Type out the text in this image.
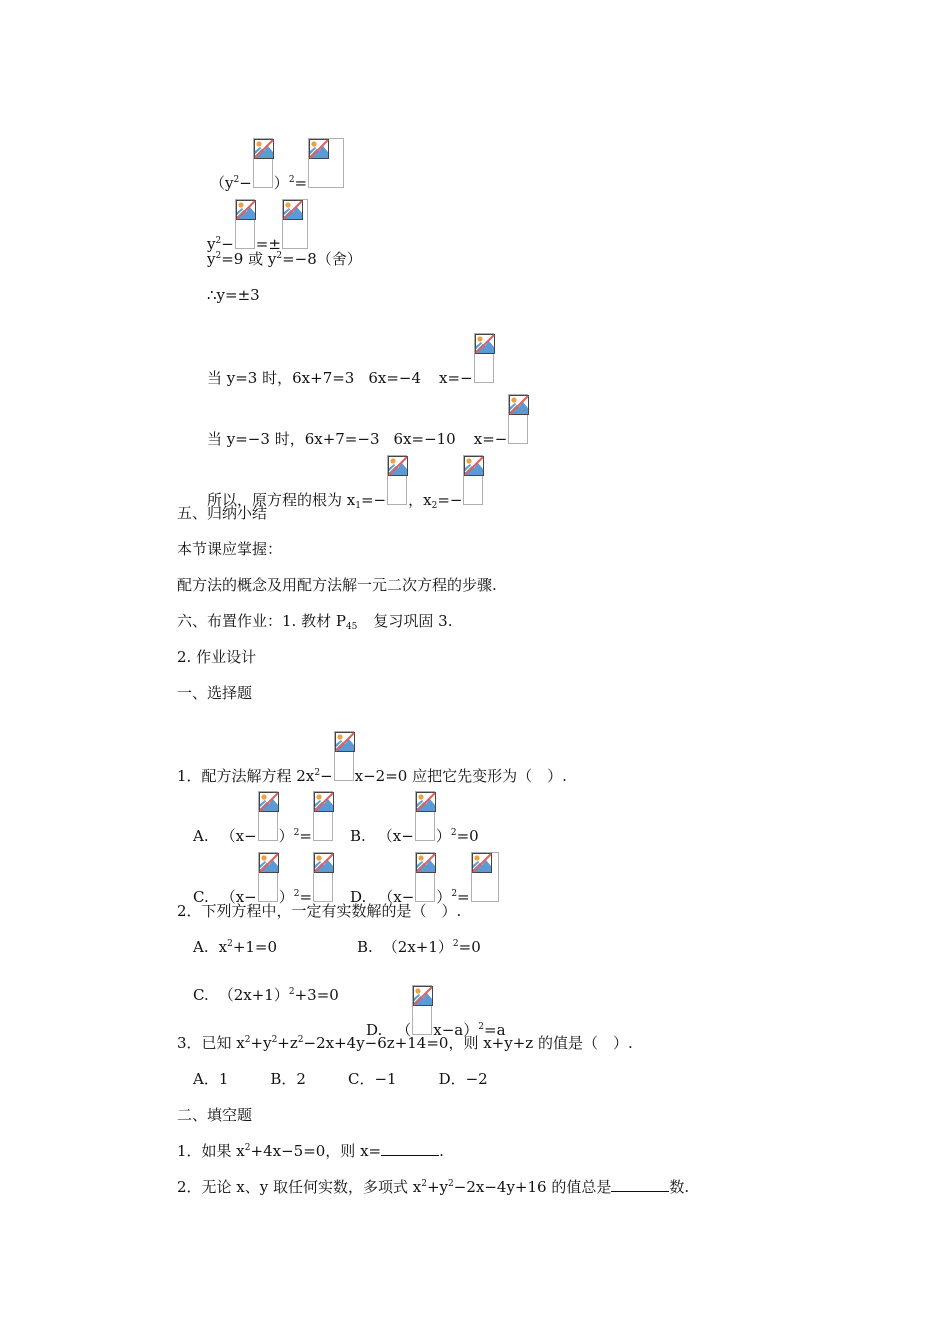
$(y^2- )^2=$
$y^2-$ =±
$y^2=9$ 或 $y^2=-8$（舍）
∴y=±3
当 y=3 时，6x+7=3 6x=−4 x=−
当 y=−3 时，6x+7=−3 6x=−10 x=−
所以，原方程的根为 $x_1=-$ ，$x_2=-$
五、归纳小结
本节课应掌握：
配方法的概念及用配方法解一元二次方程的步骤.
六、布置作业：1. 教材 $P_{45}$ 复习巩固 3.
2. 作业设计
一、选择题
1．配方法解方程 $2x^2- x-2=0$ 应把它先变形为（　）.
A. $(x- )^2=$	B. $(x- )^2=0$
C. $(x- )^2=$	D. $(x- )^2=$
2．下列方程中，一定有实数解的是（　）.
A. $x^2+1=0$	B. $(2x+1)^2=0$
C. $(2x+1)^2+3=0$
D. （ x−a）$^2$=a
3．已知 $x^2+y^2+z^2-2x+4y-6z+14=0$，则 x+y+z 的值是（　）.
A．1	B．2	C．−1	D．−2
二、填空题
1．如果 $x^2+4x-5=0$，则 x=	.
2．无论 x、y 取任何实数，多项式 $x^2+y^2-2x-4y+16$ 的值总是	数.
